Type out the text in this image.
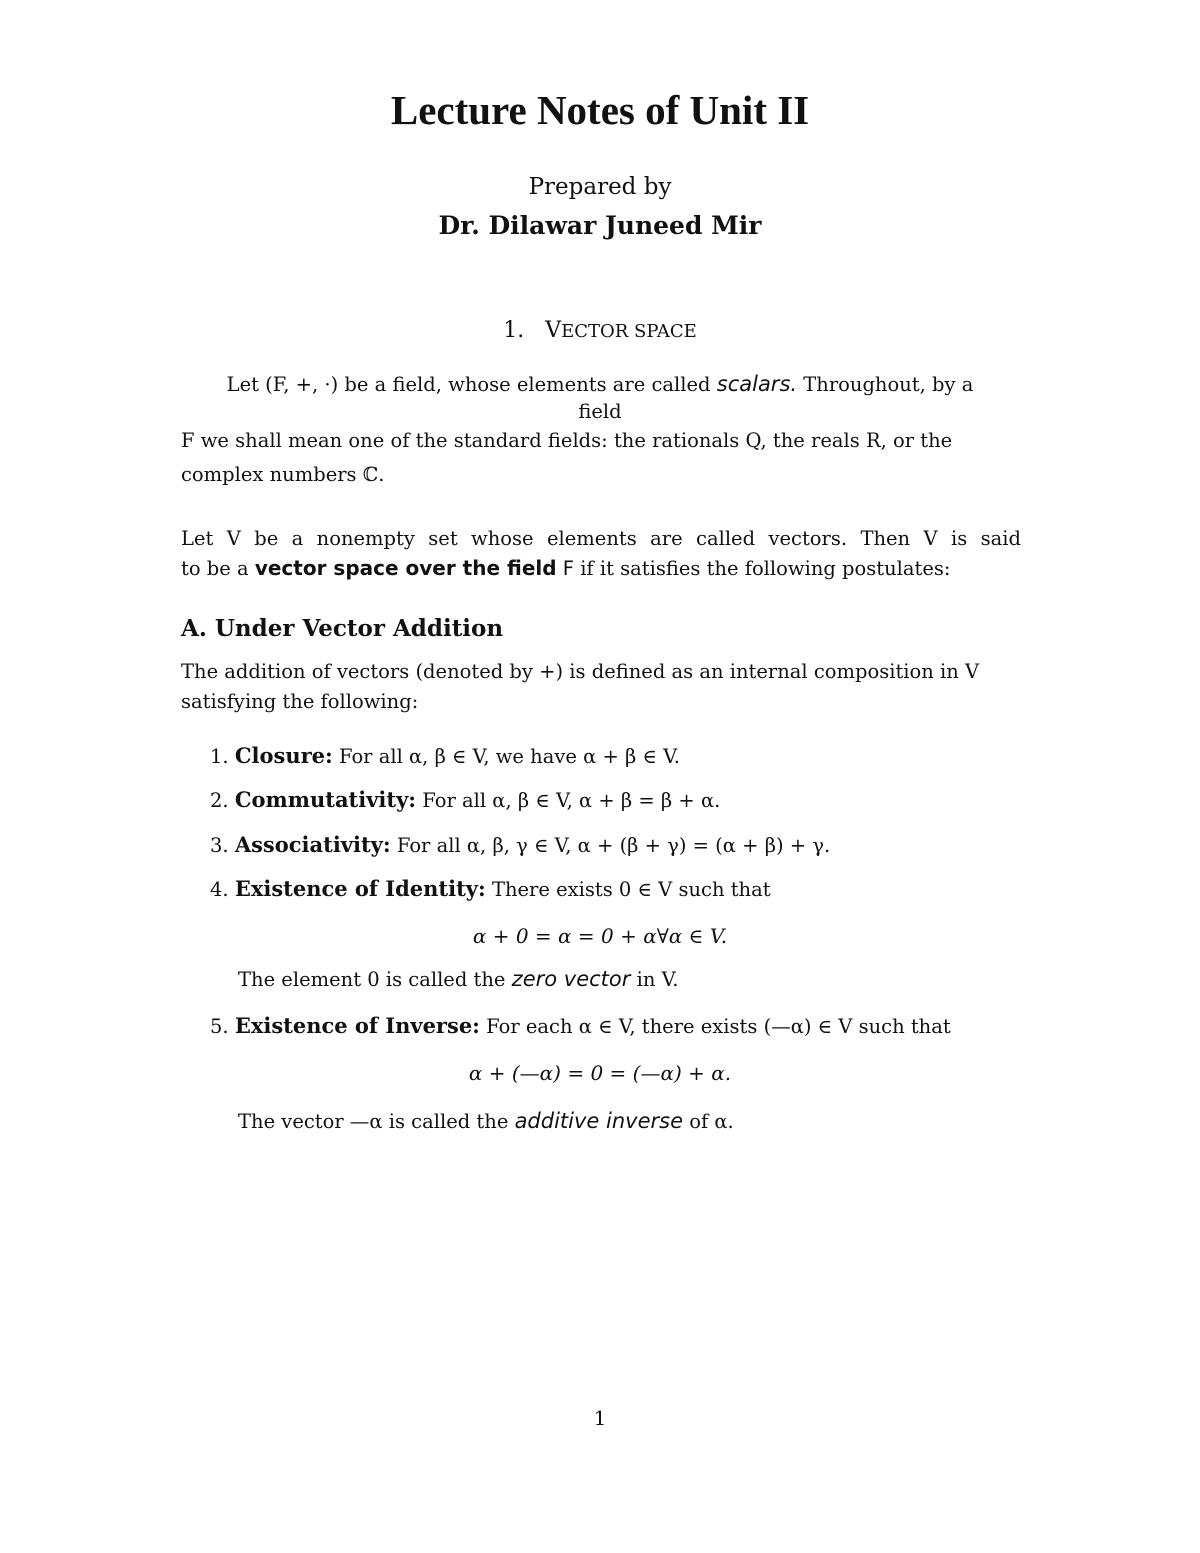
Lecture Notes of Unit II
Prepared by
Dr. Dilawar Juneed Mir
1. VECTOR SPACE
Let (F, +, ·) be a field, whose elements are called scalars. Throughout, by a
field
F we shall mean one of the standard fields: the rationals Q, the reals R, or the
complex numbers ℂ.
Let V be a nonempty set whose elements are called vectors. Then V is said
to be a vector space over the field F if it satisfies the following postulates:
A. Under Vector Addition
The addition of vectors (denoted by +) is defined as an internal composition in V
satisfying the following:
1. Closure: For all α, β ∈ V, we have α + β ∈ V.
2. Commutativity: For all α, β ∈ V, α + β = β + α.
3. Associativity: For all α, β, γ ∈ V, α + (β + γ) = (α + β) + γ.
4. Existence of Identity: There exists 0 ∈ V such that
α + 0 = α = 0 + α∀α ∈ V.
The element 0 is called the zero vector in V.
5. Existence of Inverse: For each α ∈ V, there exists (—α) ∈ V such that
α + (—α) = 0 = (—α) + α.
The vector —α is called the additive inverse of α.
1
